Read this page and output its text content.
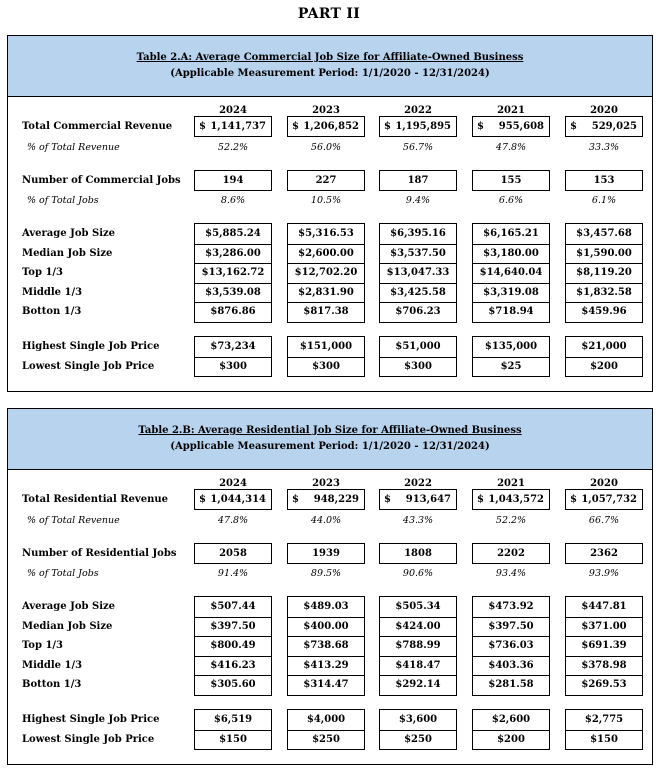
PART II
Table 2.A: Average Commercial Job Size for Affiliate-Owned Business
(Applicable Measurement Period: 1/1/2020 - 12/31/2024)
Total Commercial Revenue
% of Total Revenue
Number of Commercial Jobs
% of Total Jobs
Average Job Size
Median Job Size
Top 1/3
Middle 1/3
Botton 1/3
Highest Single Job Price
Lowest Single Job Price
2024
$ 1,141,737
52.2%
194
8.6%
$5,885.24
$3,286.00
$13,162.72
$3,539.08
$876.86
$73,234
$300
2023
$ 1,206,852
56.0%
227
10.5%
$5,316.53
$2,600.00
$12,702.20
$2,831.90
$817.38
$151,000
$300
2022
$ 1,195,895
56.7%
187
9.4%
$6,395.16
$3,537.50
$13,047.33
$3,425.58
$706.23
$51,000
$300
2021
$ 955,608
47.8%
155
6.6%
$6,165.21
$3,180.00
$14,640.04
$3,319.08
$718.94
$135,000
$25
2020
$ 529,025
33.3%
153
6.1%
$3,457.68
$1,590.00
$8,119.20
$1,832.58
$459.96
$21,000
$200
Table 2.B: Average Residential Job Size for Affiliate-Owned Business
(Applicable Measurement Period: 1/1/2020 - 12/31/2024)
Total Residential Revenue
% of Total Revenue
Number of Residential Jobs
% of Total Jobs
Average Job Size
Median Job Size
Top 1/3
Middle 1/3
Botton 1/3
Highest Single Job Price
Lowest Single Job Price
2024
$ 1,044,314
47.8%
2058
91.4%
$507.44
$397.50
$800.49
$416.23
$305.60
$6,519
$150
2023
$ 948,229
44.0%
1939
89.5%
$489.03
$400.00
$738.68
$413.29
$314.47
$4,000
$250
2022
$ 913,647
43.3%
1808
90.6%
$505.34
$424.00
$788.99
$418.47
$292.14
$3,600
$250
2021
$ 1,043,572
52.2%
2202
93.4%
$473.92
$397.50
$736.03
$403.36
$281.58
$2,600
$200
2020
$ 1,057,732
66.7%
2362
93.9%
$447.81
$371.00
$691.39
$378.98
$269.53
$2,775
$150
